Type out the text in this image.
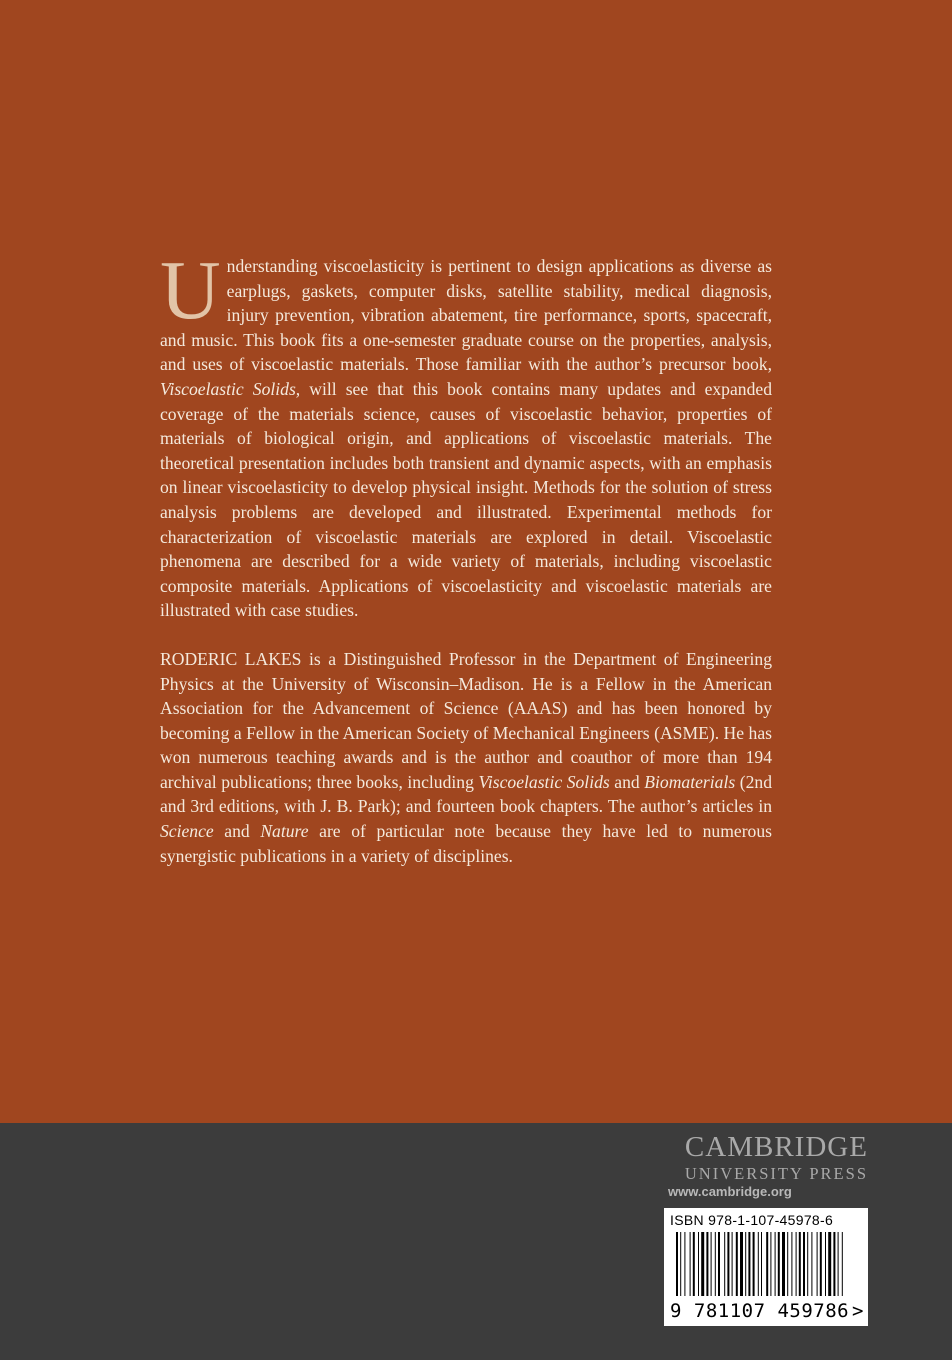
Understanding viscoelasticity is pertinent to design applications as diverse as earplugs, gaskets, computer disks, satellite stability, medical diagnosis, injury prevention, vibration abatement, tire performance, sports, spacecraft, and music. This book fits a one-semester graduate course on the properties, analysis, and uses of viscoelastic materials. Those familiar with the author’s precursor book, Viscoelastic Solids, will see that this book contains many updates and expanded coverage of the materials science, causes of viscoelastic behavior, properties of materials of biological origin, and applications of viscoelastic materials. The theoretical presentation includes both transient and dynamic aspects, with an emphasis on linear viscoelasticity to develop physical insight. Methods for the solution of stress analysis problems are developed and illustrated. Experimental methods for characterization of viscoelastic materials are explored in detail. Viscoelastic phenomena are described for a wide variety of materials, including viscoelastic composite materials. Applications of viscoelasticity and viscoelastic materials are illustrated with case studies.

RODERIC LAKES is a Distinguished Professor in the Department of Engineering Physics at the University of Wisconsin–Madison. He is a Fellow in the American Association for the Advancement of Science (AAAS) and has been honored by becoming a Fellow in the American Society of Mechanical Engineers (ASME). He has won numerous teaching awards and is the author and coauthor of more than 194 archival publications; three books, including Viscoelastic Solids and Biomaterials (2nd and 3rd editions, with J. B. Park); and fourteen book chapters. The author’s articles in Science and Nature are of particular note because they have led to numerous synergistic publications in a variety of disciplines.

CAMBRIDGE
UNIVERSITY PRESS
www.cambridge.org
ISBN 978-1-107-45978-6
9 781107 459786 >
